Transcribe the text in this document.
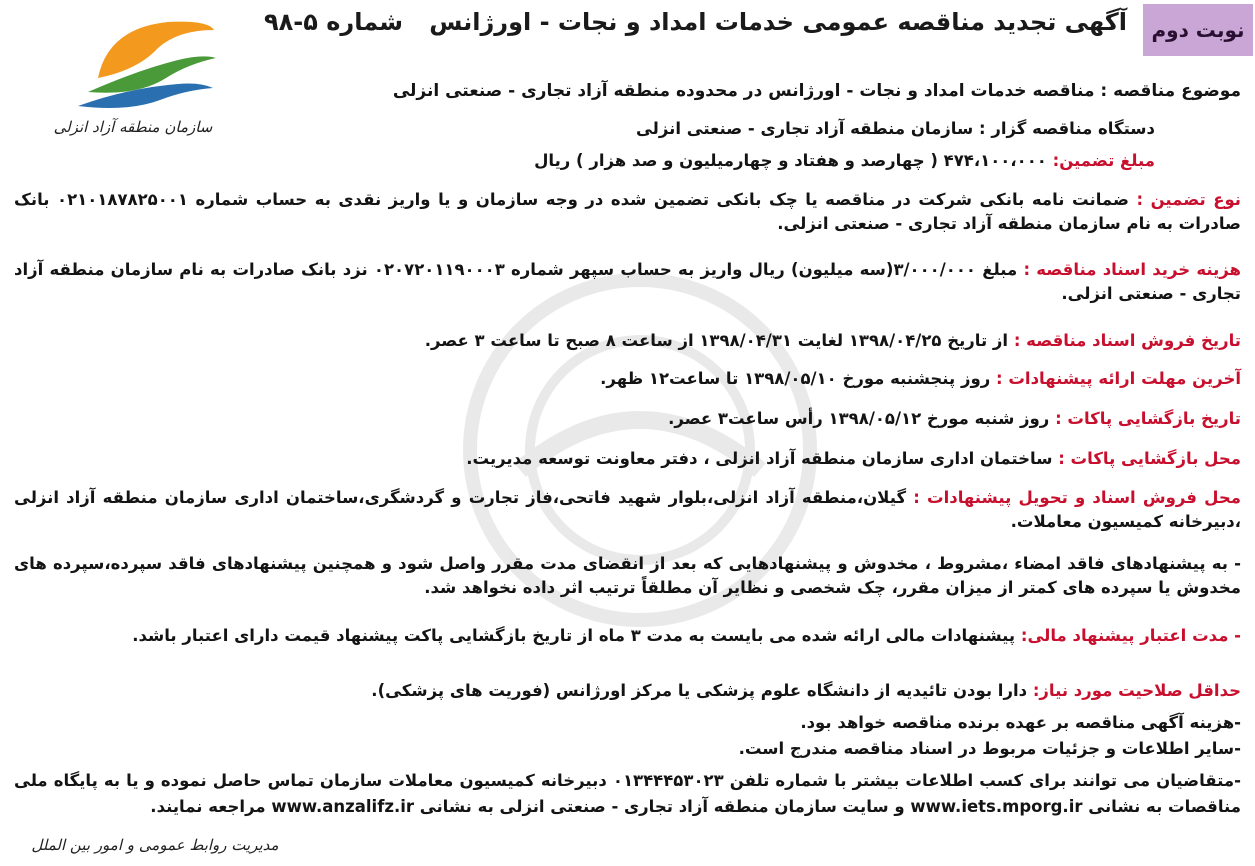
سازمان منطقه آزاد انزلی
نوبت دوم
آگهی تجدید مناقصه عمومی خدمات امداد و نجات - اورژانس شماره ۵-۹۸
موضوع مناقصه : مناقصه خدمات امداد و نجات - اورژانس در محدوده منطقه آزاد تجاری - صنعتی انزلی
دستگاه مناقصه گزار : سازمان منطقه آزاد تجاری - صنعتی انزلی
مبلغ تضمین: ۴۷۴،۱۰۰،۰۰۰ ( چهارصد و هفتاد و چهارمیلیون و صد هزار ) ریال
نوع تضمین : ضمانت نامه بانکی شرکت در مناقصه یا چک بانکی تضمین شده در وجه سازمان و یا واریز نقدی به حساب شماره ۰۲۱۰۱۸۷۸۲۵۰۰۱ بانک صادرات به نام سازمان منطقه آزاد تجاری - صنعتی انزلی.
هزینه خرید اسناد مناقصه : مبلغ ۳/۰۰۰/۰۰۰(سه میلیون) ریال واریز به حساب سپهر شماره ۰۲۰۷۲۰۱۱۹۰۰۰۳ نزد بانک صادرات به نام سازمان منطقه آزاد تجاری - صنعتی انزلی.
تاریخ فروش اسناد مناقصه : از تاریخ ۱۳۹۸/۰۴/۲۵ لغایت ۱۳۹۸/۰۴/۳۱ از ساعت ۸ صبح تا ساعت ۳ عصر.
آخرین مهلت ارائه پیشنهادات : روز پنجشنبه مورخ ۱۳۹۸/۰۵/۱۰ تا ساعت۱۲ ظهر.
تاریخ بازگشایی پاکات : روز شنبه مورخ ۱۳۹۸/۰۵/۱۲ رأس ساعت۳ عصر.
محل بازگشایی پاکات : ساختمان اداری سازمان منطقه آزاد انزلی ، دفتر معاونت توسعه مدیریت.
محل فروش اسناد و تحویل پیشنهادات : گیلان،منطقه آزاد انزلی،بلوار شهید فاتحی،فاز تجارت و گردشگری،ساختمان اداری سازمان منطقه آزاد انزلی ،دبیرخانه کمیسیون معاملات.
- به پیشنهادهای فاقد امضاء ،مشروط ، مخدوش و پیشنهادهایی که بعد از انقضای مدت مقرر واصل شود و همچنین پیشنهادهای فاقد سپرده،سپرده های مخدوش یا سپرده های کمتر از میزان مقرر، چک شخصی و نظایر آن مطلقاً ترتیب اثر داده نخواهد شد.
- مدت اعتبار پیشنهاد مالی: پیشنهادات مالی ارائه شده می بایست به مدت ۳ ماه از تاریخ بازگشایی پاکت پیشنهاد قیمت دارای اعتبار باشد.
حداقل صلاحیت مورد نیاز: دارا بودن تائیدیه از دانشگاه علوم پزشکی یا مرکز اورژانس (فوریت های پزشکی).
-هزینه آگهی مناقصه بر عهده برنده مناقصه خواهد بود.
-سایر اطلاعات و جزئیات مربوط در اسناد مناقصه مندرج است.
-متقاضیان می توانند برای کسب اطلاعات بیشتر با شماره تلفن ۰۱۳۴۴۴۵۳۰۲۳ دبیرخانه کمیسیون معاملات سازمان تماس حاصل نموده و یا به پایگاه ملی مناقصات به نشانی www.iets.mporg.ir و سایت سازمان منطقه آزاد تجاری - صنعتی انزلی به نشانی www.anzalifz.ir مراجعه نمایند.
مدیریت روابط عمومی و امور بین الملل
